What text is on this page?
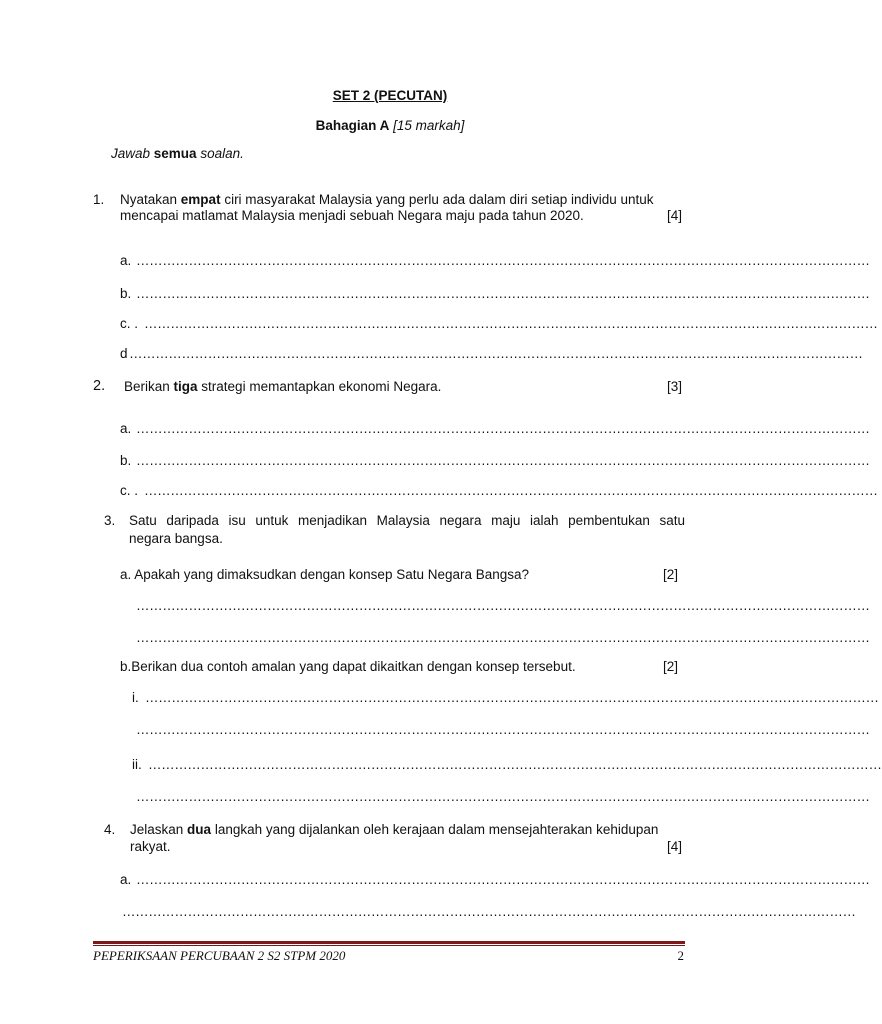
SET 2 (PECUTAN)
Bahagian A [15 markah]
Jawab semua soalan.
1. Nyatakan empat ciri masyarakat Malaysia yang perlu ada dalam diri setiap individu untuk
mencapai matlamat Malaysia menjadi sebuah Negara maju pada tahun 2020.	[4]
a. ……………………………………………………………………………………………………………………………………………………
b. ……………………………………………………………………………………………………………………………………………………
c. . ……………………………………………………………………………………………………………………………………………………
d ……………………………………………………………………………………………………………………………………………………
2. Berikan tiga strategi memantapkan ekonomi Negara.	[3]
a. ……………………………………………………………………………………………………………………………………………………
b. ……………………………………………………………………………………………………………………………………………………
c. . ……………………………………………………………………………………………………………………………………………………
3. Satu daripada isu untuk menjadikan Malaysia negara maju ialah pembentukan satu
negara bangsa.
a. Apakah yang dimaksudkan dengan konsep Satu Negara Bangsa?	[2]
……………………………………………………………………………………………………………………………………………………
……………………………………………………………………………………………………………………………………………………
b.Berikan dua contoh amalan yang dapat dikaitkan dengan konsep tersebut.	[2]
i. ……………………………………………………………………………………………………………………………………………………
……………………………………………………………………………………………………………………………………………………
ii. ……………………………………………………………………………………………………………………………………………………
……………………………………………………………………………………………………………………………………………………
4. Jelaskan dua langkah yang dijalankan oleh kerajaan dalam mensejahterakan kehidupan
rakyat.	[4]
a. ……………………………………………………………………………………………………………………………………………………
……………………………………………………………………………………………………………………………………………………
PEPERIKSAAN PERCUBAAN 2 S2 STPM 2020	2
